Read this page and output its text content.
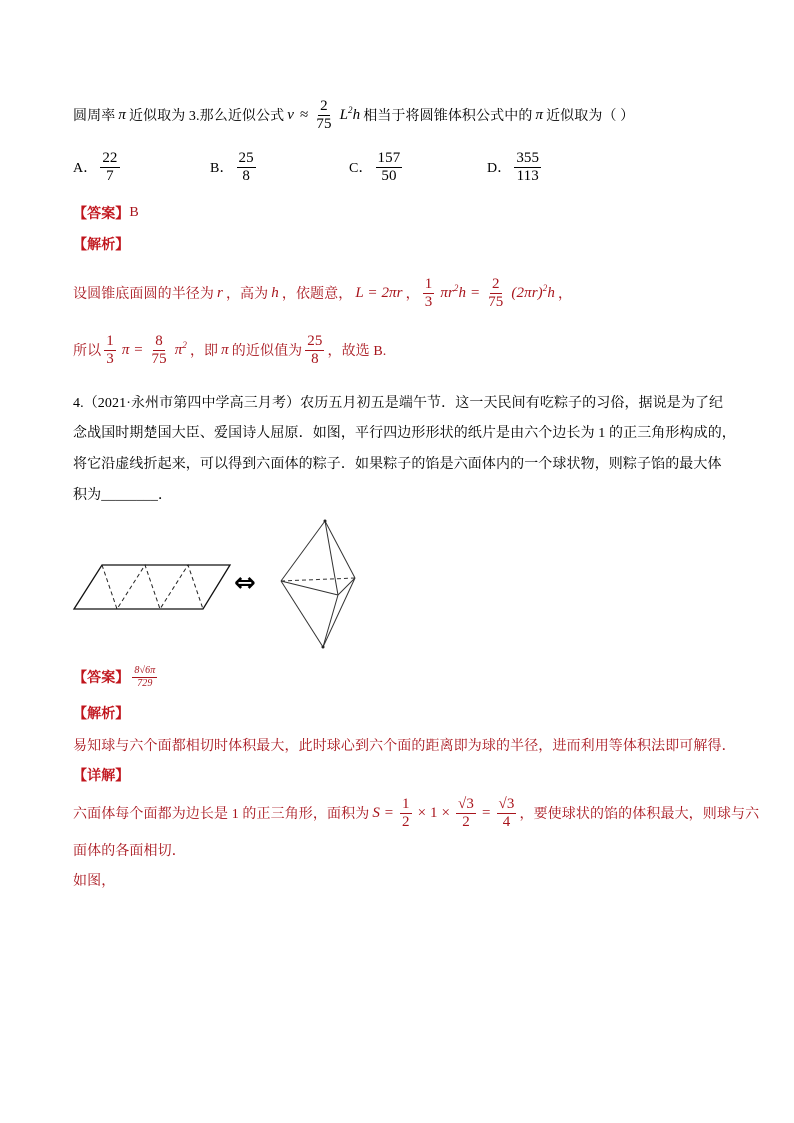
圆周率 π 近似取为 3.那么近似公式 $v \approx \frac{2}{75} L^2h$ 相当于将圆锥体积公式中的 π 近似取为（ ）
A． $\frac{22}{7}$	B． $\frac{25}{8}$	C． $\frac{157}{50}$	D． $\frac{355}{113}$
【答案】 B
【解析】
设圆锥底面圆的半径为 r ，高为 h ，依题意， L = 2πr ， $\frac{1}{3} \pi r^2h = \frac{2}{75} (2\pi r)^2h$ ，
所以 $\frac{1}{3}$ $\pi = \frac{8}{75} \pi^2$ ，即 π 的近似值为 $\frac{25}{8}$ ，故选 B.
4.（2021·永州市第四中学高三月考）农历五月初五是端午节．这一天民间有吃粽子的习俗，据说是为了纪
念战国时期楚国大臣、爱国诗人屈原．如图，平行四边形形状的纸片是由六个边长为 1 的正三角形构成的，
将它沿虚线折起来，可以得到六面体的粽子．如果粽子的馅是六面体内的一个球状物，则粽子馅的最大体
积为________．
⇔
【答案】 $\frac{8√6\pi}{729}$
【解析】
易知球与六个面都相切时体积最大，此时球心到六个面的距离即为球的半径，进而利用等体积法即可解得．
【详解】
六面体每个面都为边长是 1 的正三角形，面积为 $S = \frac{1}{2} \times 1 \times \frac{√3}{2} = \frac{√3}{4}$ ，要使球状的馅的体积最大，则球与六
面体的各面相切．
如图，
